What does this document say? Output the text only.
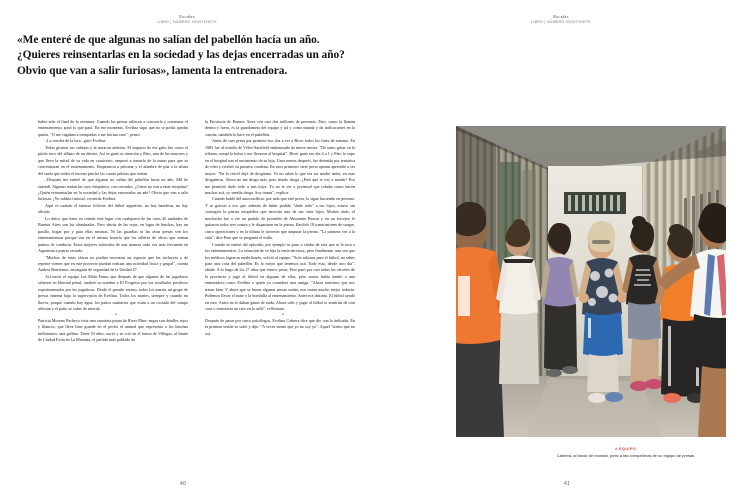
Escalas
LIBRO | NÚMERO VEINTISIETE

«Me enteré de que algunas no salían del pabellón hacía un año.

¿Quieres reinsentarlas en la sociedad y las dejas encerradas un año?

Obvio que van a salir furiosas», lamenta la entrenadora.

haber sido el final de la aventura. Cuando las presas salieron a conocerla y comenzar el entrenamiento, pasó lo que pasó. En ese momento, Evelina supo que no se podía quedar quieta. "O me cagaban a trompadas o me hacían caso", pensó.

–La concha de la lora –gritó Evelina.

Todas giraron sus cabezas y la miraron atónitas. El impacto de ese grito fue como el pitido seco del silbato de un árbitro. Así se ganó su atención y Pato, una de las mayores y que lleva la mitad de su vida en cautiverio, empezó a tomarla de la mano para que se concentraran en el entrenamiento. Empezaron a pelotear y el alambre de púa a la altura del suelo que rodea el terreno pinchó las cuatro pelotas que tenían.

–Después me enteré de que algunas no salían del pabellón hacía un año. Mil he entendí. Algunas tenían las ojos chiquititos, casi cerrados. ¿Cómo no van a estar enojadas? ¿Quién reinsentarlas en la sociedad y las dejas encerradas un año? Obvio que van a salir furiosas. ¡Yo saldría furiosa!, recuerda Evelina.

Aquí es cuándo el famoso folclore del fútbol argentino, no hay banderas, no hay afición.

Lo único que tiene en común este lugar con cualquiera de las otras 40 unidades de Buenos Aires son las alambradas. Pero detrás de las rejas, en lugar de hinchas, hay un pasillo, hogar por y para ellas mismas. Ni las guardias ni las otras presas ven los entrenamientos porque son en el mismo horario que los talleres de oficio que suman puntos de conducta. Estos mejores estímulos de una manera cada vez más frecuente en Argentina a puerta cerrada.

"Muchas de estas chicas no podían encontrar un espacio que las incluyera y de repente vienen que en este proyecto puedan realizar una actividad física y grupal", cuenta Andrea Barrientos, encargada de seguridad de la Unidad 47.

Así nació el equipo Las Malú Fama, que después de que algunas de las jugadoras saliesen en libertad penal, cambió su nombre a El Progreso por los resultados positivos experimentados por las jugadoras. Desde el pasado verano, todos los martes un grupo de presas entrena bajo la supervisión de Evelina. Todos los martes, siempre y cuando no llueva, porque cuando hay agua, los patios sanitarios que están a un costado del campo rebosan y el patio se cubre de mierda.

•

Patricia Moreno Pacheco viste una camiseta pirata de River Plate, negra con detalles rojos y blancos, que lleva bien grande en el pecho el animal que representa a los hinchas millonarios: una gallina. Tiene 53 años, nació y se crió en el barrio de Villegas, al límite de Ciudad Evita en La Matanza, el partido más poblado de

la Provincia de Buenos Aires con casi dos millones de personas. Pato, como la llaman dentro y fuera, es la guardameta del equipo y tal y como manda y da indicaciones en la cancha, también lo hace en el pabellón.

Antes de caer presa por primera vez, iba a ver a River todos los fines de semana. En 1985 fue al estadio de Vélez Sarsfield embarazada de nueve meses. "De tanto gritar en la tribuna, rompí la bolsa y me llevaron al hospital". River ganó ese día 4 a 1 y Pato lo supo en el hospital tras el nacimiento de su hija. Unos meses después, fue detenida por tentativa de robo y recibió su primera condena. En esos primeros siete presa apenas aprendió a ser mayor. "En la cárcel dejé de drogarme. Yo no sabía lo que era ser madre antes, en esas drogaderas. Ahora no me drogo más, pero tiendo droga...¡Pato qué te voy a mentir? Eso me permitió darle todo a mis hijos. Yo no te ver a juventud que robaba como hacen muchas acá, yo vendía droga. Soy transa", explica.

Cuando habló del autoconflicto, por más que esté presa, lo sigue haciendo en persona. Y se gracias a eso que, además de haber podido "darle todo" a sus hijos, estuvo sin conseguir la pierna ortopédica que necesita uno de sus siete hijos. Moises atrás, el muchacho fue a ver un partido de juveniles de Almirante Brown y en un forcejeo le quitaron todos tres contra y le dispararon en la pierna. Recibió 18 transfusiones de sangre, cinco operaciones y en la última le tuvieron que amputar la pierna. "La primera vez a la vida", dice Pato que se pregunta el estilo.

Cuando se enteró del episodio, por ejemplo se puso a cuidar de esta que se le toca a los entrenamientos. La situación de su hija la tenía nerviosa, pero finalmente, una vez que los médicos lograron estabilizarlo, volvió al equipo. "Solo salimos para el fútbol, no sabes para otra cosa del pabellón. Es lo mejor que tenemos acá. Todo esto, desde otro día", añade. A lo largo de los 27 años que estuvo presa, Pato pasó por casi todas las cárceles de la provincia y jugó al fútbol en algunas de ellas, pero nunca había tenido a una entrenadora como Evelina o quién ya considera una amiga. "Ahora sentimos que nos tratan bien. Y ahora que se hacen algunas presas malas, nos tratan mucho mejor todavía. Podemos llevar el mate y la bombilla al entrenamiento. Antes era distinto. El fútbol ayudó en esto. Antes no te daban ganas de nada. Ahora salís y jugar al fútbol te sentirías de otra cosa o estuvieras un rato en la calle", reflexiona.

•

Después de pasar por cinco psicólogos, Evelina Cabrera dice que dio con la indicada. En la primera sesión se soltó y dijo: "A veces siento que yo no soy yo". Aquel "siento que no soy

40
Escalas
LIBRO | NÚMERO VEINTISIETE
▸EQUIPO
Cabrera, al fondo de morado, junto a las compañeras de su equipo de presas.
41
